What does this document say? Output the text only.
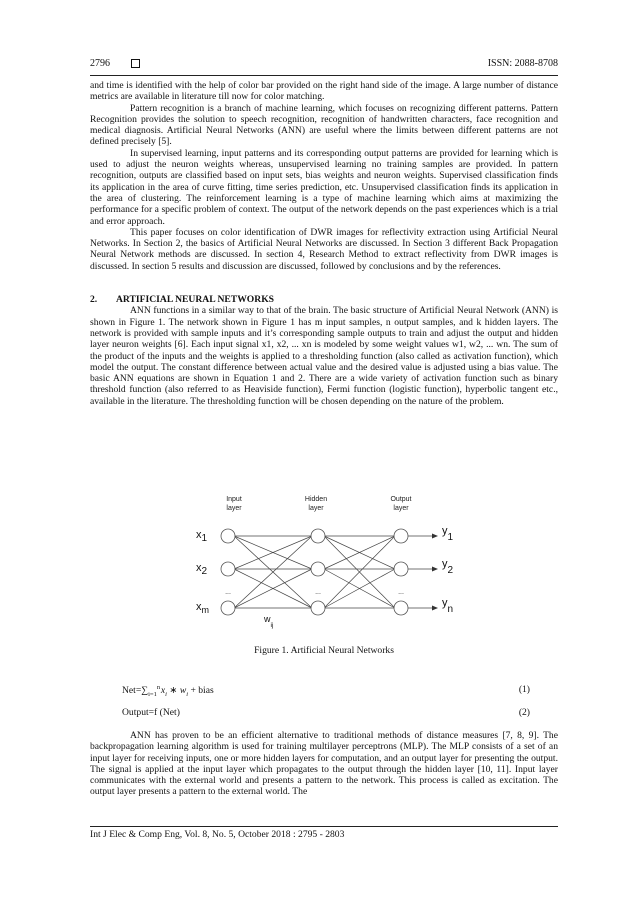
2796	ISSN: 2088-8708

and time is identified with the help of color bar provided on the right hand side of the image. A large number of distance metrics are available in literature till now for color matching.

Pattern recognition is a branch of machine learning, which focuses on recognizing different patterns. Pattern Recognition provides the solution to speech recognition, recognition of handwritten characters, face recognition and medical diagnosis. Artificial Neural Networks (ANN) are useful where the limits between different patterns are not defined precisely [5].

In supervised learning, input patterns and its corresponding output patterns are provided for learning which is used to adjust the neuron weights whereas, unsupervised learning no training samples are provided. In pattern recognition, outputs are classified based on input sets, bias weights and neuron weights. Supervised classification finds its application in the area of curve fitting, time series prediction, etc. Unsupervised classification finds its application in the area of clustering. The reinforcement learning is a type of machine learning which aims at maximizing the performance for a specific problem of context. The output of the network depends on the past experiences which is a trial and error approach.

This paper focuses on color identification of DWR images for reflectivity extraction using Artificial Neural Networks. In Section 2, the basics of Artificial Neural Networks are discussed. In Section 3 different Back Propagation Neural Network methods are discussed. In section 4, Research Method to extract reflectivity from DWR images is discussed. In section 5 results and discussion are discussed, followed by conclusions and by the references.

2. ARTIFICIAL NEURAL NETWORKS

ANN functions in a similar way to that of the brain. The basic structure of Artificial Neural Network (ANN) is shown in Figure 1. The network shown in Figure 1 has m input samples, n output samples, and k hidden layers. The network is provided with sample inputs and it’s corresponding sample outputs to train and adjust the output and hidden layer neuron weights [6]. Each input signal x1, x2, ... xn is modeled by some weight values w1, w2, ... wn. The sum of the product of the inputs and the weights is applied to a thresholding function (also called as activation function), which model the output. The constant difference between actual value and the desired value is adjusted using a bias value. The basic ANN equations are shown in Equation 1 and 2. There are a wide variety of activation function such as binary threshold function (also referred to as Heaviside function), Fermi function (logistic function), hyperbolic tangent etc., available in the literature. The thresholding function will be chosen depending on the nature of the problem.

Input
layer
Hidden
layer
Output
layer
...	...	...
x1
x2
$x_m$
y1
y2
yn
$w_{ij}$
Figure 1. Artificial Neural Networks
$Net=\sum_{i=1}^n$ $x_i$ ∗ $w_i$ + bias	(1)
Output=f (Net)	(2)

ANN has proven to be an efficient alternative to traditional methods of distance measures [7, 8, 9]. The backpropagation learning algorithm is used for training multilayer perceptrons (MLP). The MLP consists of a set of an input layer for receiving inputs, one or more hidden layers for computation, and an output layer for presenting the output. The signal is applied at the input layer which propagates to the output through the hidden layer [10, 11]. Input layer communicates with the external world and presents a pattern to the network. This process is called as excitation. The output layer presents a pattern to the external world. The

Int J Elec & Comp Eng, Vol. 8, No. 5, October 2018 : 2795 - 2803
